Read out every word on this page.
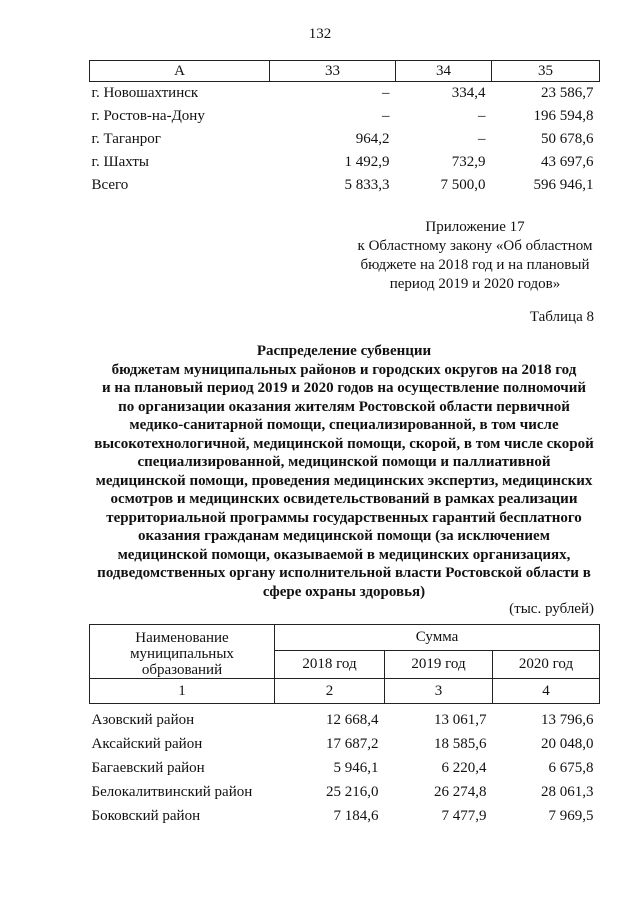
132
А	33	34	35
г. Новошахтинск	–	334,4	23 586,7
г. Ростов-на-Дону	–	–	196 594,8
г. Таганрог	964,2	–	50 678,6
г. Шахты	1 492,9	732,9	43 697,6
Всего	5 833,3	7 500,0	596 946,1
Приложение 17
к Областному закону «Об областном
бюджете на 2018 год и на плановый
период 2019 и 2020 годов»
Таблица 8
Распределение субвенции
бюджетам муниципальных районов и городских округов на 2018 год
и на плановый период 2019 и 2020 годов на осуществление полномочий
по организации оказания жителям Ростовской области первичной
медико-санитарной помощи, специализированной, в том числе
высокотехнологичной, медицинской помощи, скорой, в том числе скорой
специализированной, медицинской помощи и паллиативной
медицинской помощи, проведения медицинских экспертиз, медицинских
осмотров и медицинских освидетельствований в рамках реализации
территориальной программы государственных гарантий бесплатного
оказания гражданам медицинской помощи (за исключением
медицинской помощи, оказываемой в медицинских организациях,
подведомственных органу исполнительной власти Ростовской области в
сфере охраны здоровья)
(тыс. рублей)
Наименование
муниципальных
образований	Сумма		
	2018 год	2019 год	2020 год
1	2	3	4
Азовский район	12 668,4	13 061,7	13 796,6
Аксайский район	17 687,2	18 585,6	20 048,0
Багаевский район	5 946,1	6 220,4	6 675,8
Белокалитвинский район	25 216,0	26 274,8	28 061,3
Боковский район	7 184,6	7 477,9	7 969,5
